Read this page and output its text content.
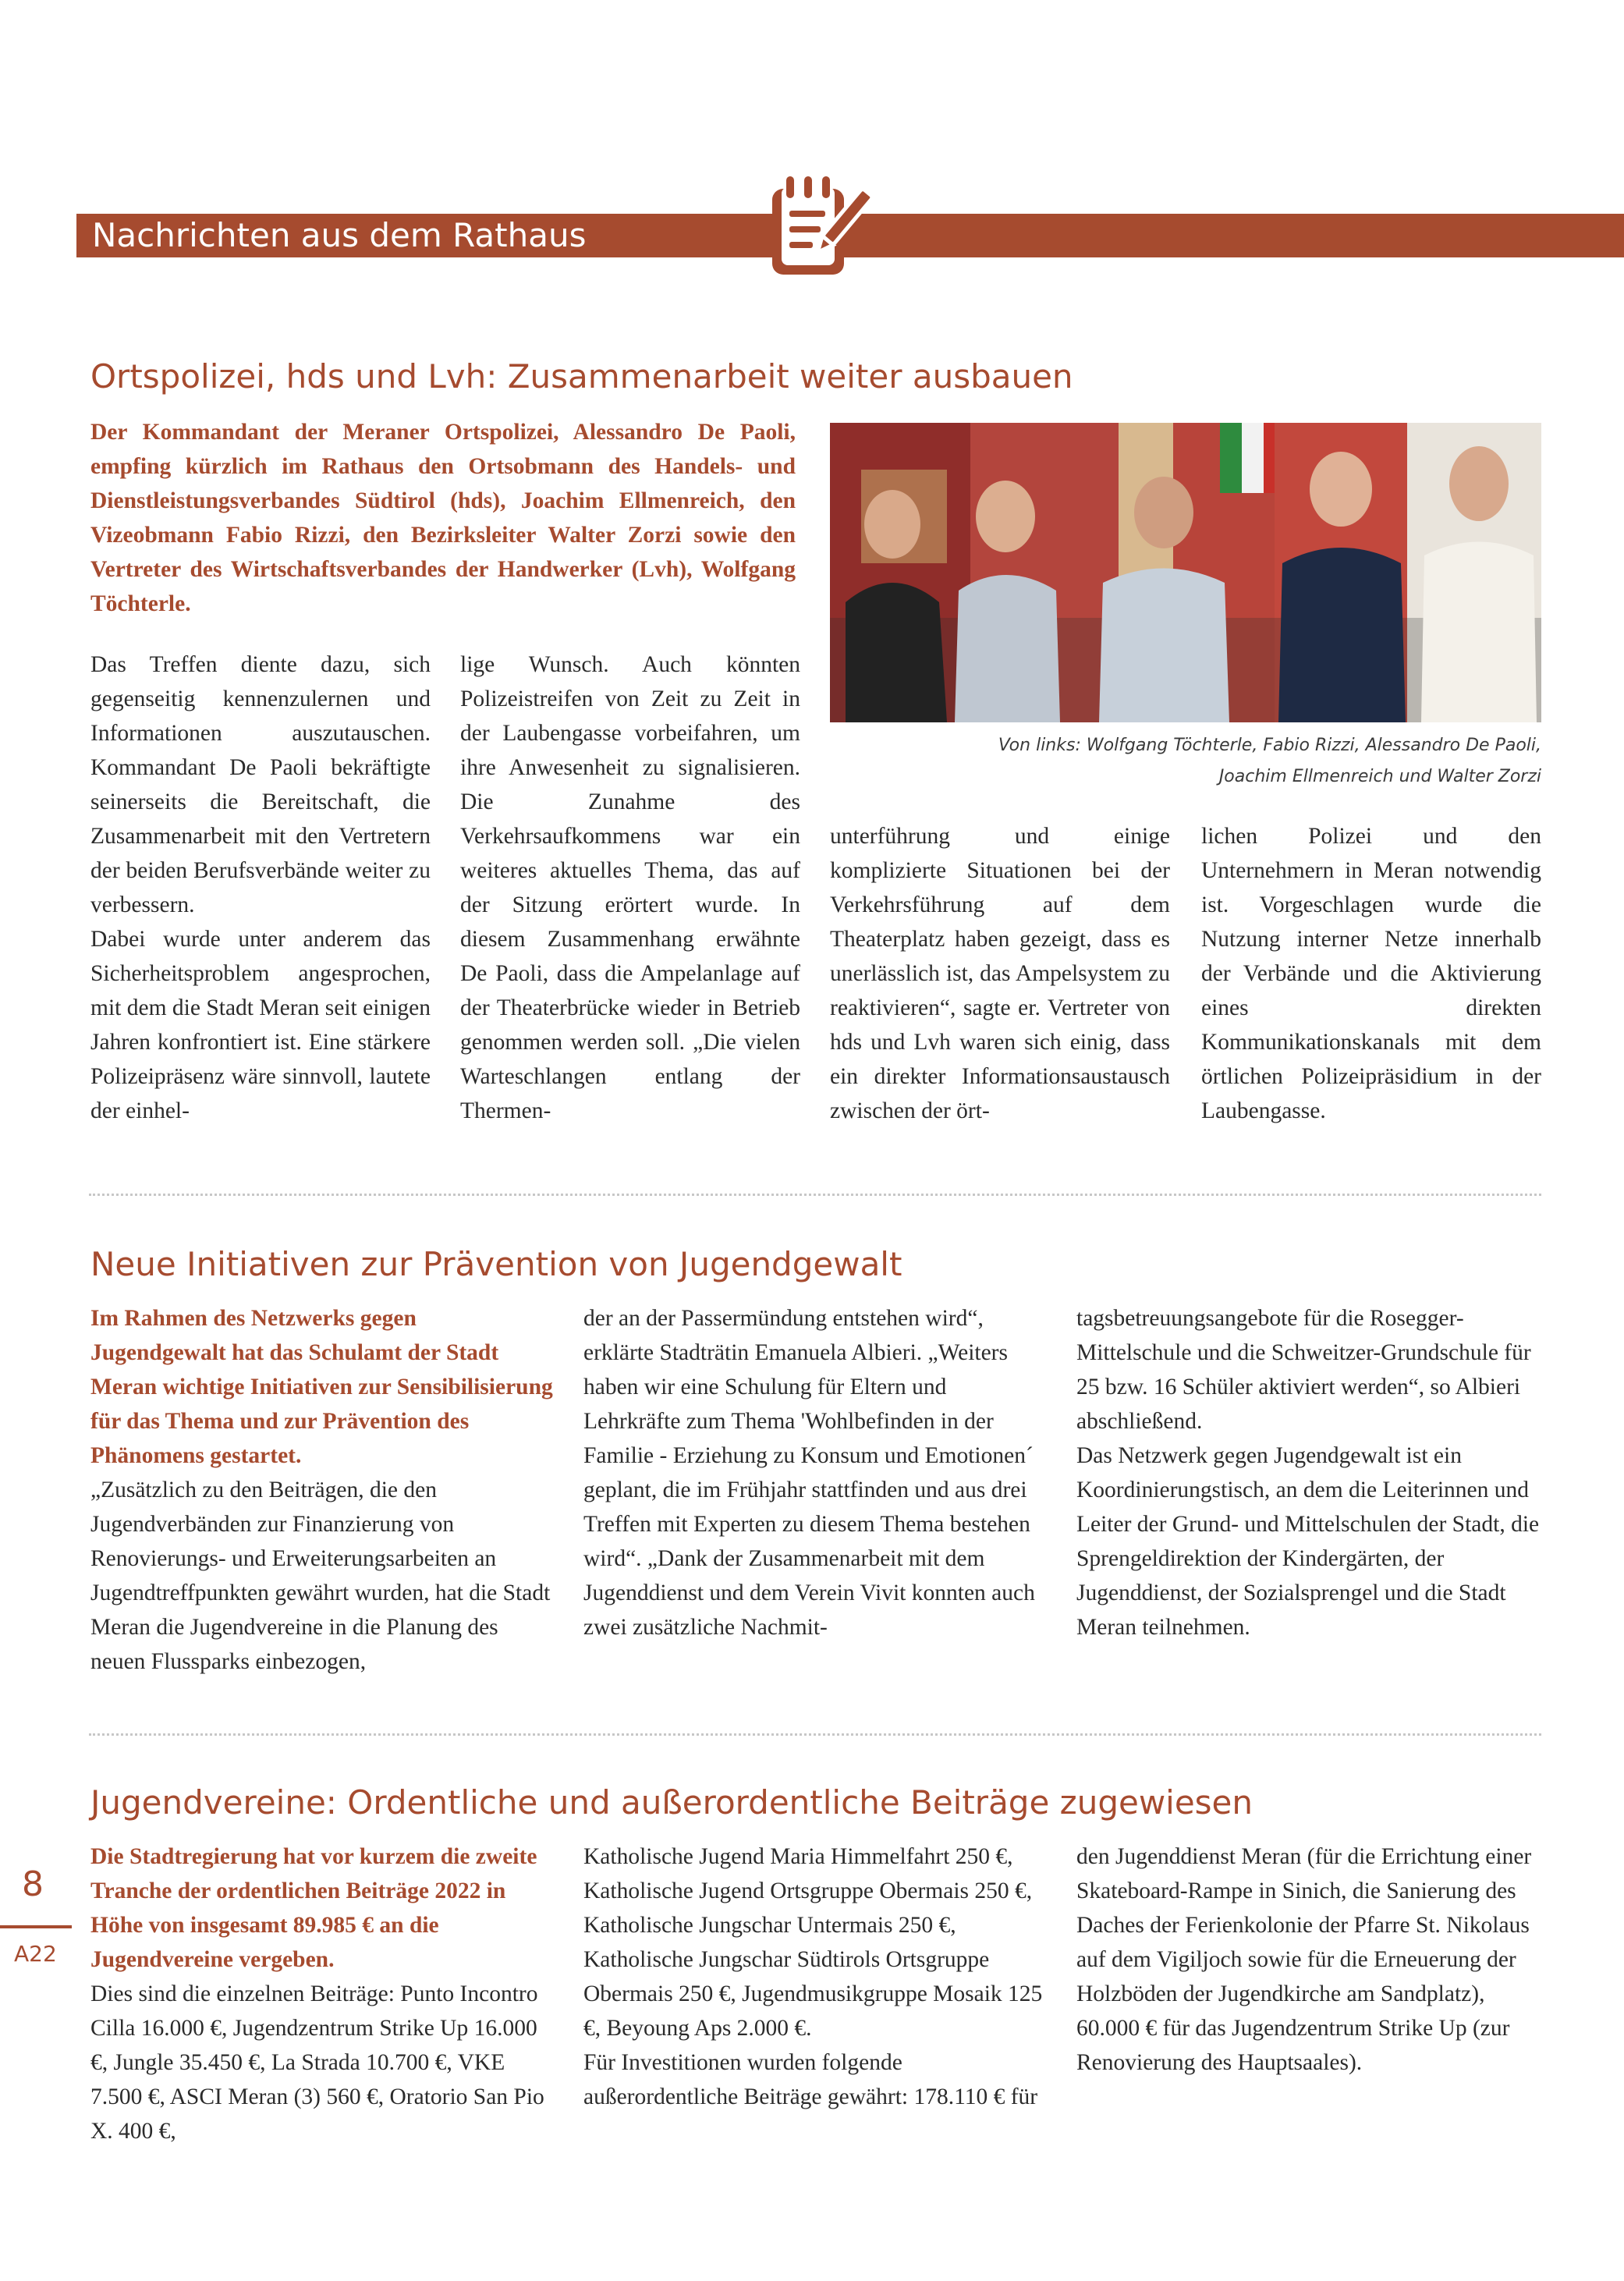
Nachrichten aus dem Rathaus
Ortspolizei, hds und Lvh: Zusammenarbeit weiter ausbauen
Der Kommandant der Meraner Ortspolizei, Alessandro De Paoli, empfing kürzlich im Rathaus den Ortsobmann des Handels- und Dienstleistungsverbandes Südtirol (hds), Joachim Ellmenreich, den Vizeobmann Fabio Rizzi, den Bezirksleiter Walter Zorzi sowie den Vertreter des Wirtschaftsverbandes der Handwerker (Lvh), Wolfgang Töchterle.
Von links: Wolfgang Töchterle, Fabio Rizzi, Alessandro De Paoli,
Joachim Ellmenreich und Walter Zorzi

Das Treffen diente dazu, sich gegenseitig kennenzulernen und Informationen auszutauschen. Kommandant De Paoli bekräftigte seinerseits die Bereitschaft, die Zusammenarbeit mit den Vertretern der beiden Berufsverbände weiter zu verbessern.

Dabei wurde unter anderem das Sicherheitsproblem angesprochen, mit dem die Stadt Meran seit einigen Jahren konfrontiert ist. Eine stärkere Polizeipräsenz wäre sinnvoll, lautete der einhel-

lige Wunsch. Auch könnten Polizeistreifen von Zeit zu Zeit in der Laubengasse vorbeifahren, um ihre Anwesenheit zu signalisieren. Die Zunahme des Verkehrsaufkommens war ein weiteres aktuelles Thema, das auf der Sitzung erörtert wurde. In diesem Zusammenhang erwähnte De Paoli, dass die Ampelanlage auf der Theaterbrücke wieder in Betrieb genommen werden soll. „Die vielen Warteschlangen entlang der Thermen-

unterführung und einige komplizierte Situationen bei der Verkehrsführung auf dem Theaterplatz haben gezeigt, dass es unerlässlich ist, das Ampelsystem zu reaktivieren“, sagte er. Vertreter von hds und Lvh waren sich einig, dass ein direkter Informationsaustausch zwischen der ört-

lichen Polizei und den Unternehmern in Meran notwendig ist. Vorgeschlagen wurde die Nutzung interner Netze innerhalb der Verbände und die Aktivierung eines direkten Kommunikationskanals mit dem örtlichen Polizeipräsidium in der Laubengasse.

Neue Initiativen zur Prävention von Jugendgewalt

Im Rahmen des Netzwerks gegen Jugendgewalt hat das Schulamt der Stadt Meran wichtige Initiativen zur Sensibilisierung für das Thema und zur Prävention des Phänomens gestartet.

„Zusätzlich zu den Beiträgen, die den Jugendverbänden zur Finanzierung von Renovierungs- und Erweiterungsarbeiten an Jugendtreffpunkten gewährt wurden, hat die Stadt Meran die Jugendvereine in die Planung des neuen Flussparks einbezogen,

der an der Passermündung entstehen wird“, erklärte Stadträtin Emanuela Albieri. „Weiters haben wir eine Schulung für Eltern und Lehrkräfte zum Thema 'Wohlbefinden in der Familie - Erziehung zu Konsum und Emotionen´ geplant, die im Frühjahr stattfinden und aus drei Treffen mit Experten zu diesem Thema bestehen wird“. „Dank der Zusammenarbeit mit dem Jugenddienst und dem Verein Vivit konnten auch zwei zusätzliche Nachmit-

tagsbetreuungsangebote für die Rosegger-Mittelschule und die Schweitzer-Grundschule für 25 bzw. 16 Schüler aktiviert werden“, so Albieri abschließend.

Das Netzwerk gegen Jugendgewalt ist ein Koordinierungstisch, an dem die Leiterinnen und Leiter der Grund- und Mittelschulen der Stadt, die Sprengeldirektion der Kindergärten, der Jugenddienst, der Sozialsprengel und die Stadt Meran teilnehmen.

Jugendvereine: Ordentliche und außerordentliche Beiträge zugewiesen

Die Stadtregierung hat vor kurzem die zweite Tranche der ordentlichen Beiträge 2022 in Höhe von insgesamt 89.985 € an die Jugendvereine vergeben.

Dies sind die einzelnen Beiträge: Punto Incontro Cilla 16.000 €, Jugendzentrum Strike Up 16.000 €, Jungle 35.450 €, La Strada 10.700 €, VKE 7.500 €, ASCI Meran (3) 560 €, Oratorio San Pio X. 400 €,

Katholische Jugend Maria Himmelfahrt 250 €, Katholische Jugend Ortsgruppe Obermais 250 €, Katholische Jungschar Untermais 250 €, Katholische Jungschar Südtirols Ortsgruppe Obermais 250 €, Jugendmusikgruppe Mosaik 125 €, Beyoung Aps 2.000 €.

Für Investitionen wurden folgende außerordentliche Beiträge gewährt: 178.110 € für

den Jugenddienst Meran (für die Errichtung einer Skateboard-Rampe in Sinich, die Sanierung des Daches der Ferienkolonie der Pfarre St. Nikolaus auf dem Vigiljoch sowie für die Erneuerung der Holzböden der Jugendkirche am Sandplatz), 60.000 € für das Jugendzentrum Strike Up (zur Renovierung des Hauptsaales).

8
A22
